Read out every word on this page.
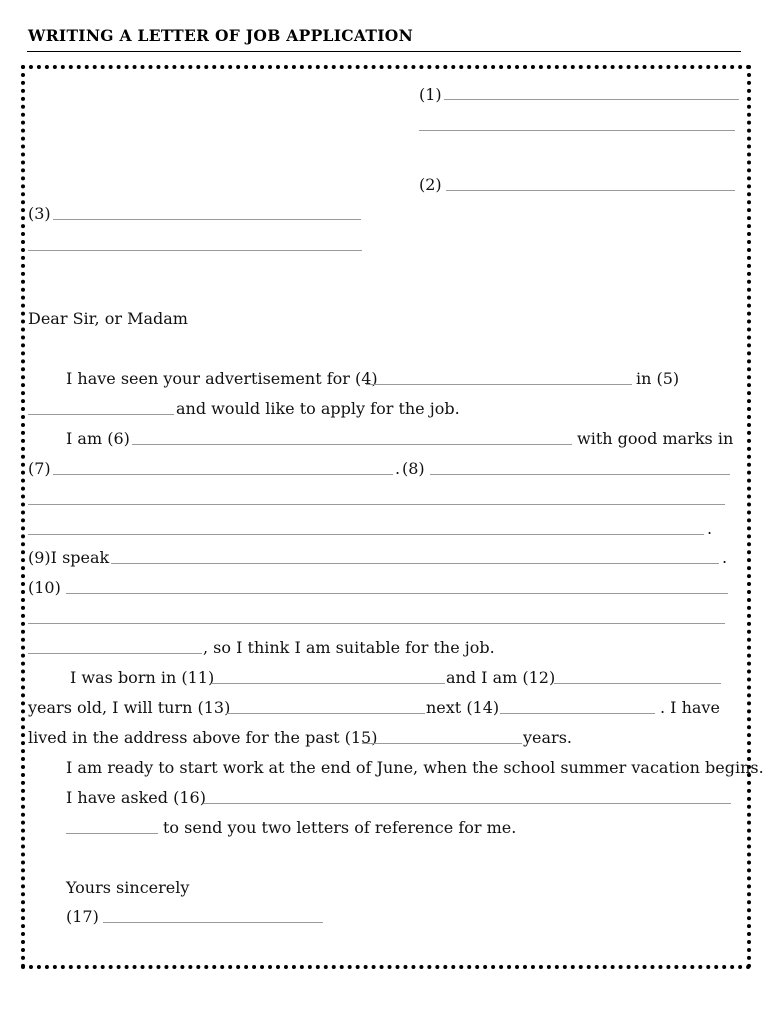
WRITING A LETTER OF JOB APPLICATION
(1)
(2)
(3)
Dear Sir, or Madam
I have seen your advertisement for (4)	in (5)
and would like to apply for the job.
I am (6)	with good marks in
(7)	. (8)
.
(9)I speak	.
(10)
, so I think I am suitable for the job.
I was born in (11)	and I am (12)
years old, I will turn (13)	next (14)	. I have
lived in the address above for the past (15)	years.
I am ready to start work at the end of June, when the school summer vacation begins.
I have asked (16)
to send you two letters of reference for me.
Yours sincerely
(17)
